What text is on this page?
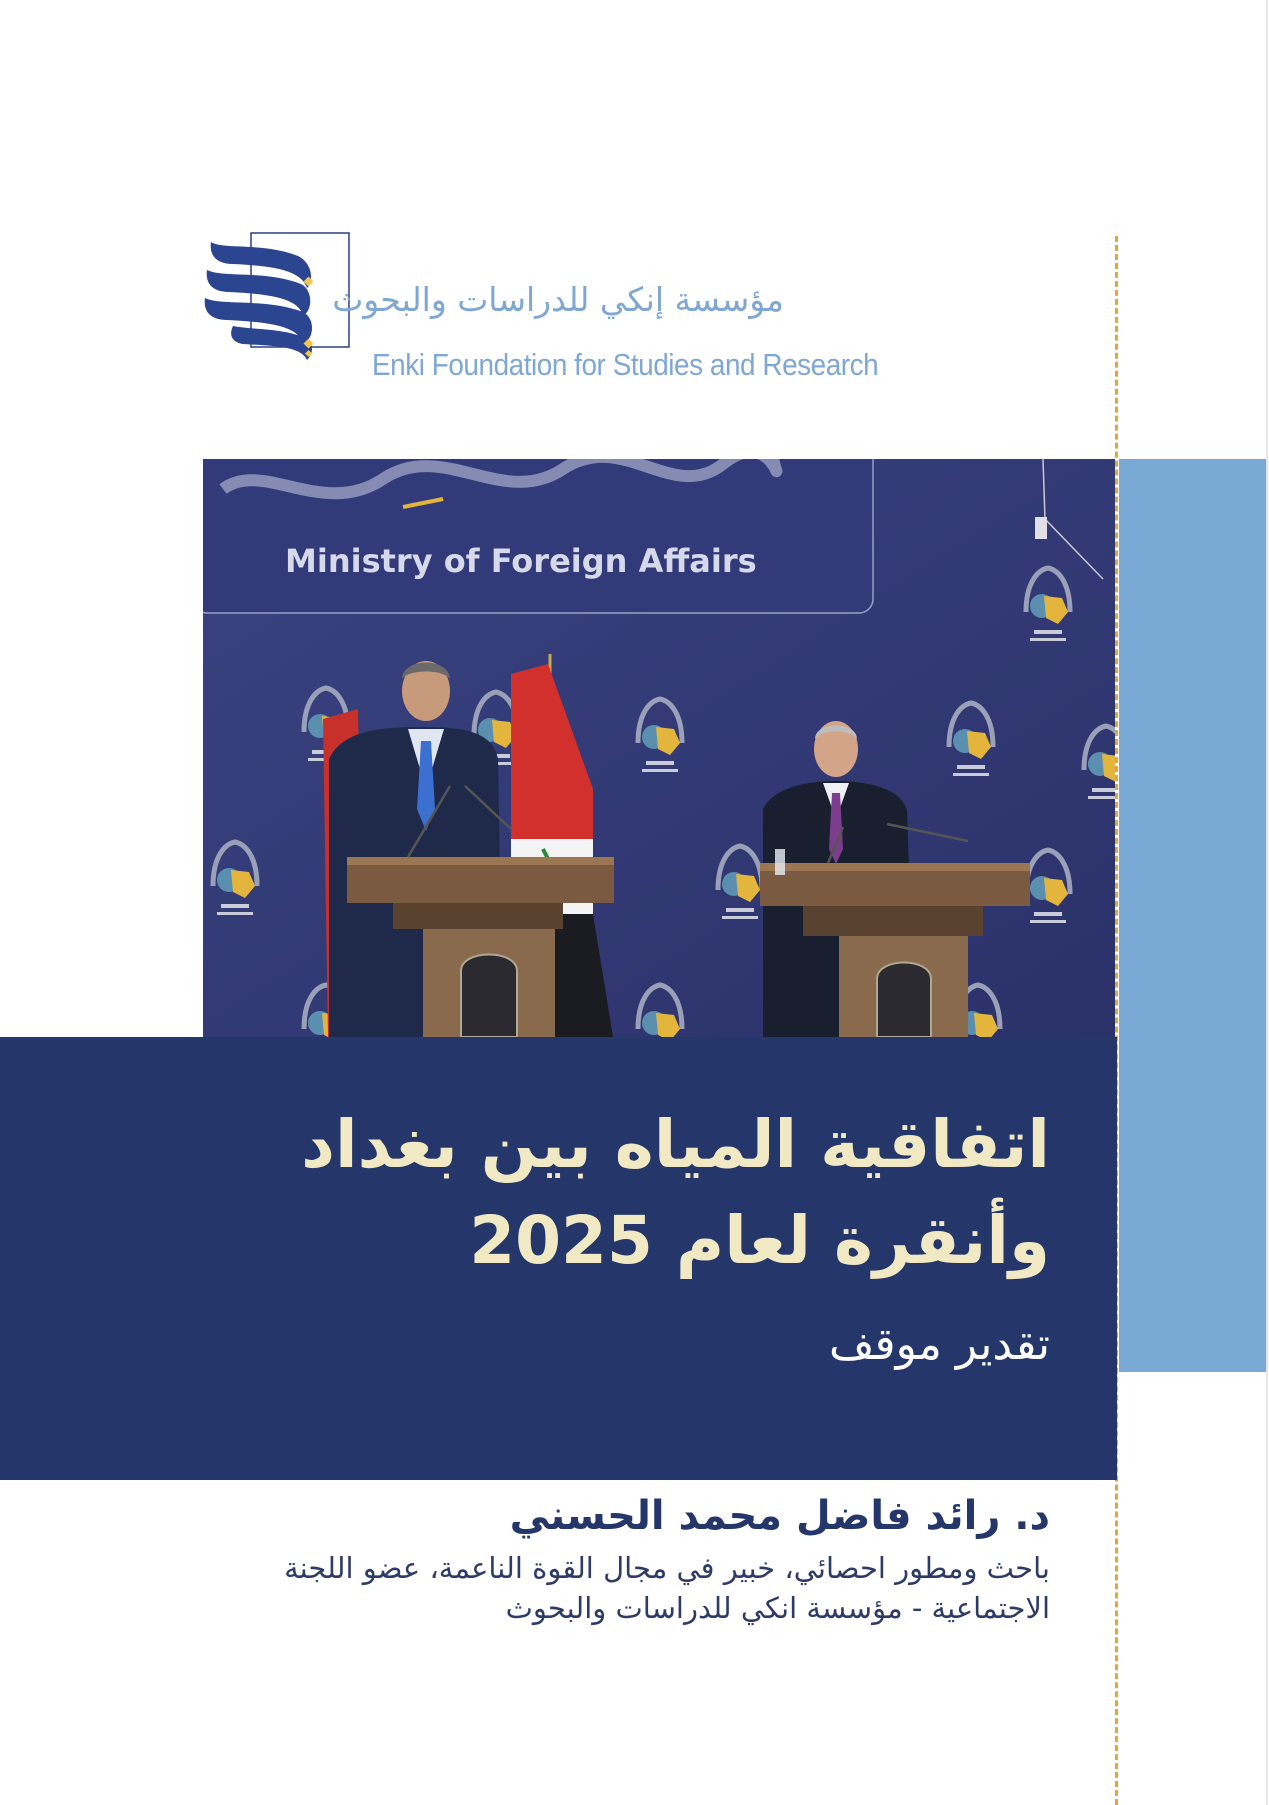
مؤسسة إنكي للدراسات والبحوث
Enki Foundation for Studies and Research
Ministry of Foreign Affairs
اتفاقية المياه بين بغداد
وأنقرة لعام 2025
تقدير موقف
د. رائد فاضل محمد الحسني
باحث ومطور احصائي، خبير في مجال القوة الناعمة، عضو اللجنة
الاجتماعية - مؤسسة انكي للدراسات والبحوث
